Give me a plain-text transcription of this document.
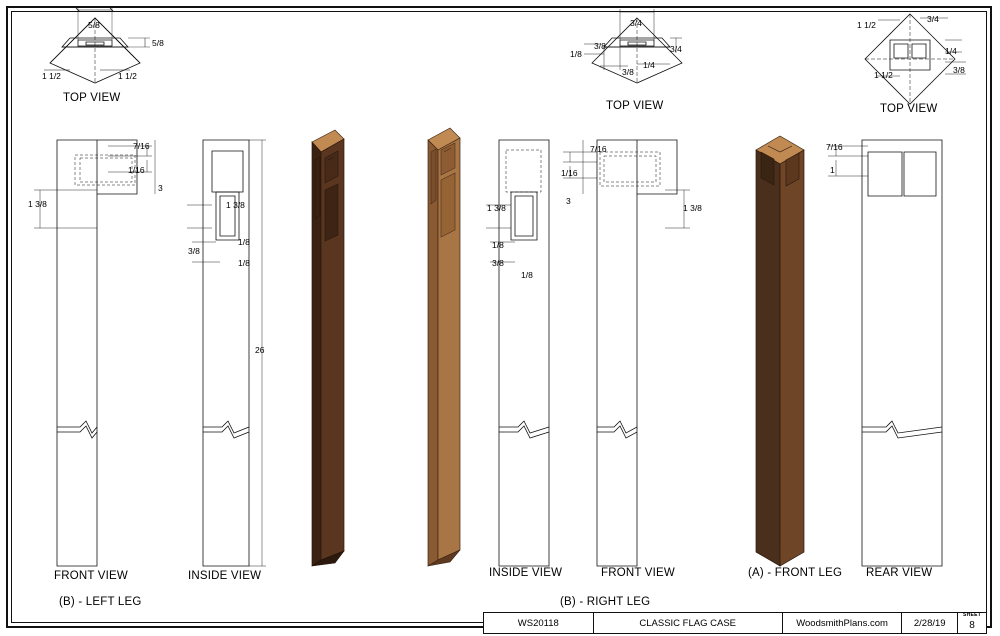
TOP VIEW
FRONT VIEW	INSIDE VIEW
(B) - LEFT LEG
5/8
5/8
1 1/2	1 1/2
7/16
1/16
3
1 3/8	1 3/8
1/8
1/8
3/8
26
TOP VIEW
INSIDE VIEW	FRONT VIEW
(B) - RIGHT LEG
3/4
3/4
3/8
1/8
3/8
1/4
7/16
1/16
3
1 3/8	1 3/8
1/8
3/8
1/8
TOP VIEW
(A) - FRONT LEG REAR VIEW
1 1/2
3/4
1/4
3/8
1 1/2
7/16
1
WS20118	CLASSIC FLAG CASE	WoodsmithPlans.com	2/28/19
SHEET
8
